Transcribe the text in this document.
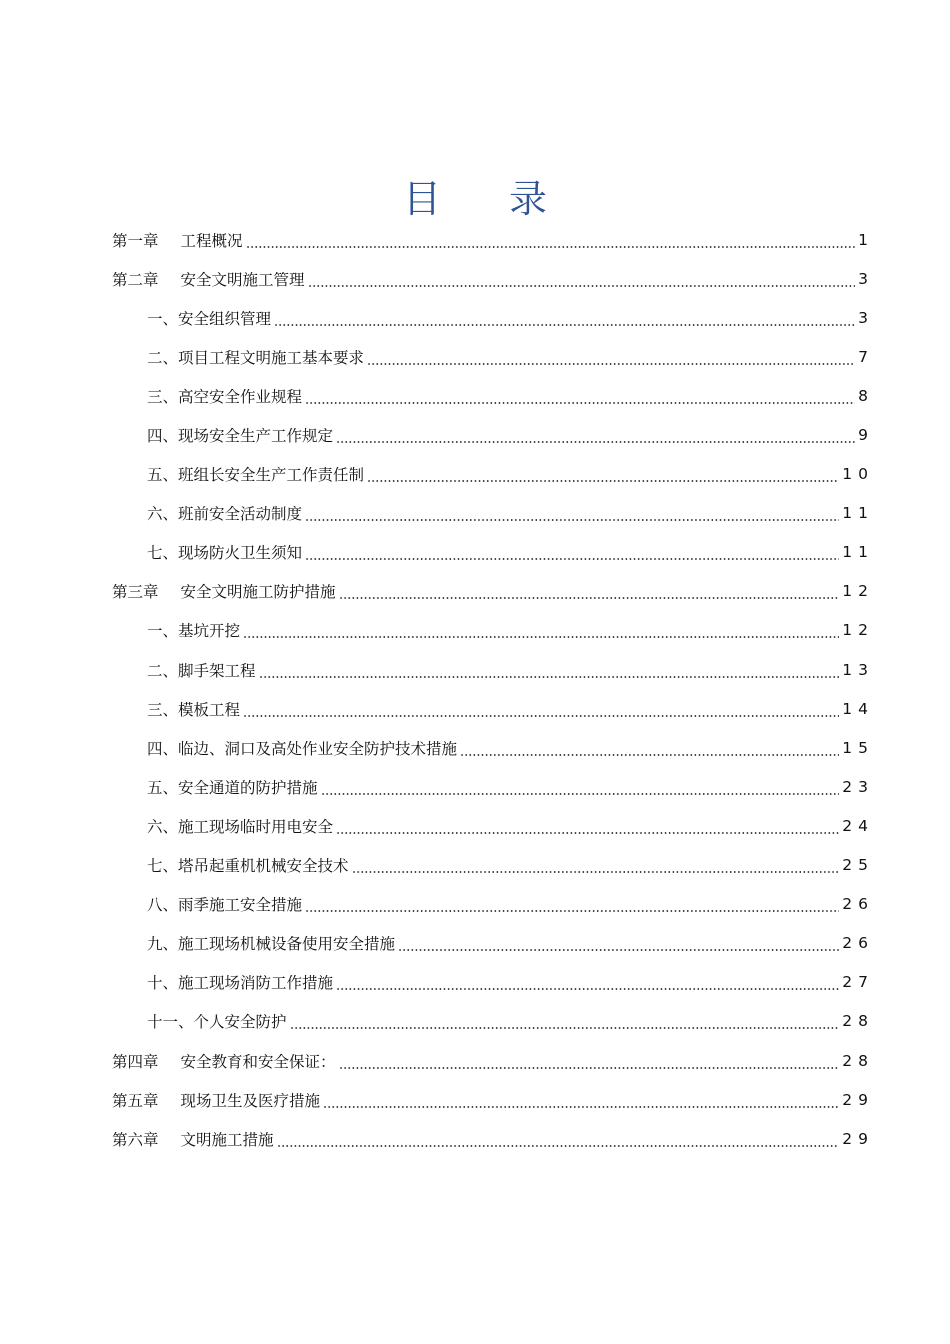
目 录
第一章 工程概况	1
第二章 安全文明施工管理	3
一、安全组织管理	3
二、项目工程文明施工基本要求	7
三、高空安全作业规程	8
四、现场安全生产工作规定	9
五、班组长安全生产工作责任制	10
六、班前安全活动制度	11
七、现场防火卫生须知	11
第三章 安全文明施工防护措施	12
一、基坑开挖	12
二、脚手架工程	13
三、模板工程	14
四、临边、洞口及高处作业安全防护技术措施	15
五、安全通道的防护措施	23
六、施工现场临时用电安全	24
七、塔吊起重机机械安全技术	25
八、雨季施工安全措施	26
九、施工现场机械设备使用安全措施	26
十、施工现场消防工作措施	27
十一、个人安全防护	28
第四章 安全教育和安全保证：	28
第五章 现场卫生及医疗措施	29
第六章 文明施工措施	29
